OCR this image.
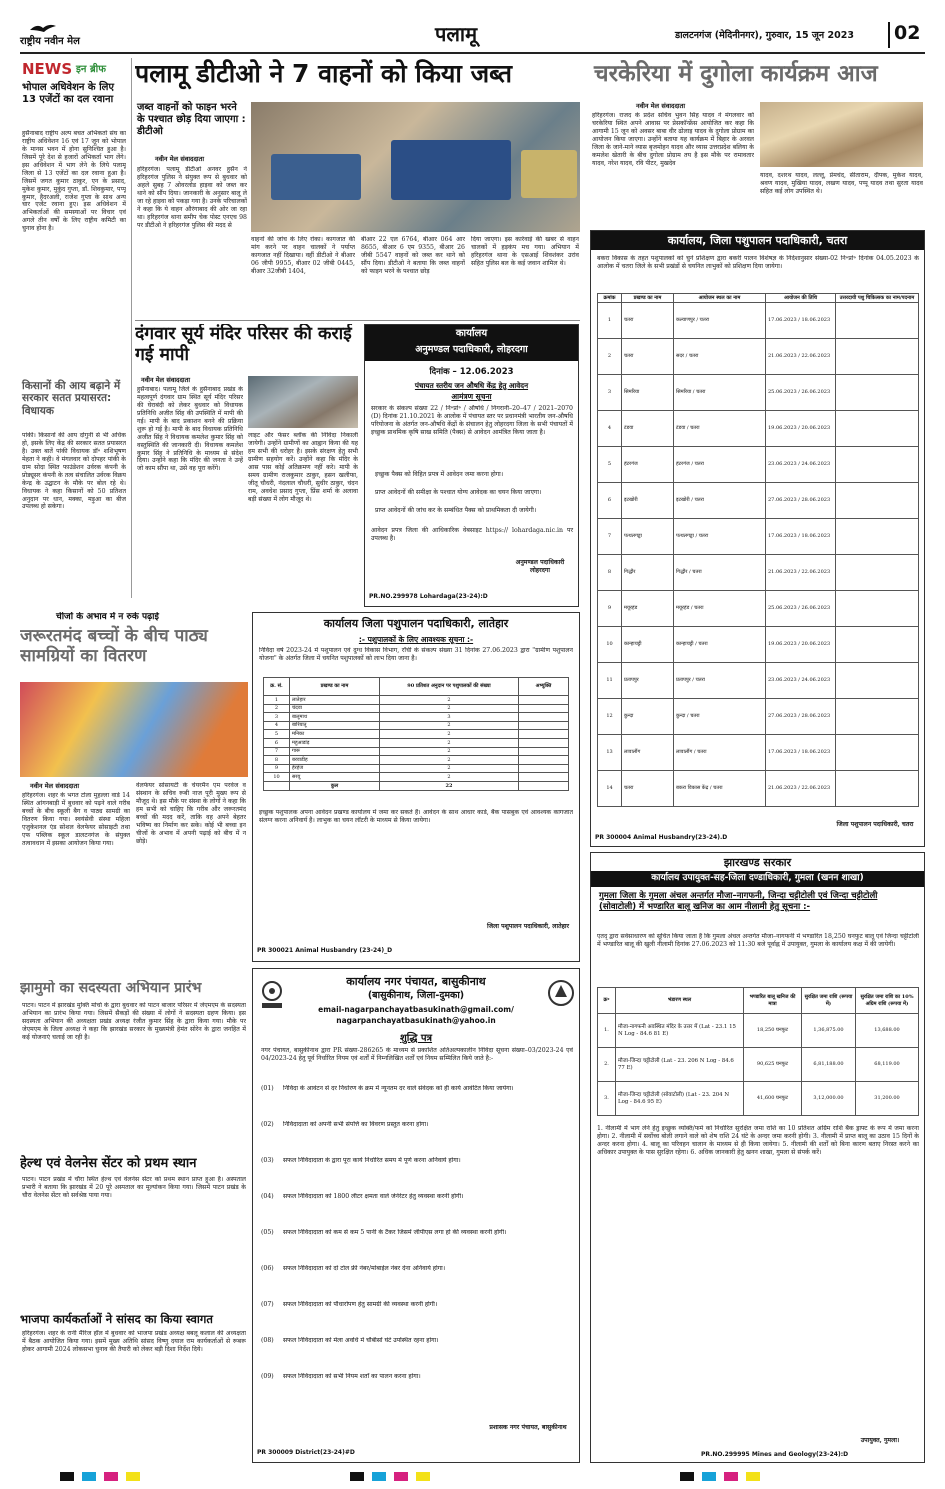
राष्ट्रीय नवीन मेल	पलामू	डालटनगंज (मेदिनीनगर), गुरुवार, 15 जून 2023 02
NEWS इन ब्रीफ
भोपाल अधिवेशन के लिए 13 एजेंटों का दल रवाना
हुसैनाबाद राष्ट्रीय अल्प बचत अभिकर्ता संघ का राष्ट्रीय अधिवेशन 16 एवं 17 जून को भोपाल के मानस भवन में होना सुनिश्चित हुआ है। जिसमें पूरे देश से हजारों अभिकर्ता भाग लेंगे। इस अधिवेशन में भाग लेने के लिये पलामू जिला से 13 एजेंटों का दल रवाना हुआ है। जिसमें जगत कुमार ठाकुर, एन के प्रसाद, मुकेश कुमार, मुकुंद गुप्ता, डॉ. शिवकुमार, पप्पू कुमार, हैदरअली, राजेश गुप्ता के साथ अन्य चार एजेंट रवाना हुए। इस अधिवेशन में अभिकर्ताओं की समस्याओं पर विचार एवं अगले तीन वर्षों के लिए राष्ट्रीय कमिटी का चुनाव होना है।
किसानों की आय बढ़ाने में सरकार सतत प्रयासरत: विधायक
पांकी। किसानों की आय दोगुनी से भी अधिक हो, इसके लिए केंद्र की सरकार सतत प्रयासरत है। उक्त बातें पांकी विधायक डॉ॰ शशिभूषण मेहता ने कही। वे मंगलवार को दोपहर पांकी के ग्राम सोदा स्थित फाउंडेशन उर्वरक कंपनी के प्रोड्यूसर कंपनी के तत्व संचालित उर्वरक विक्रय केन्द्र के उद्घाटन के मौके पर बोल रहे थे। विधायक ने कहा किसानों को 50 प्रतिशत अनुदान पर धान, मक्का, मड़ुआ का बीज उपलब्ध हो सकेगा।
पलामू डीटीओ ने 7 वाहनों को किया जब्त
जब्त वाहनों को फाइन भरने के पश्चात छोड़ दिया जाएगा : डीटीओ
नवीन मेल संवाददाता
हरिहरगंज। पलामू डीटीओ अनवर हुसैन ने हरिहरगंज पुलिस ने संयुक्त रूप से बुधवार को अहले सुबह 7 ओवरलोड हाइवा को जब्त कर थाने को सौंप दिया। जानकारी के अनुसार बालू ले जा रहे हाइवा को पकड़ा गया है। उनके परिचालकों ने कहा कि ये वाहन औरंगाबाद की ओर जा रहा था। हरिहरगंज थाना समीप चेक पोस्ट एनएच 98 पर डीटीओ ने हरिहरगंज पुलिस की मदद से
वाहनों की जांच के लिए रोका। कागजात की मांग करने पर वाहन चालकों ने पर्याप्त कागजात नहीं दिखाया। वहीं डीटीओ ने बीआर 06 जीपी 9955, बीआर 02 जीबी 0445, बीआर 32जीबी 1404,
बीआर 22 एल 6764, बीआर 064 आर 8655, बीआर 6 एम 9355, बीआर 26 जीबी 5547 वाहनों को जब्त कर थाने को सौंप दिया। डीटीओ ने बताया कि जब्त वाहनों को फाइन भरने के पश्चात छोड़
दिया जाएगा। इस कार्रवाई की खबर से वाहन चालकों में हड़कंप मच गया। अभियान में हरिहरगंज थाना के एसआई शिवशंकर उरांव सहित पुलिस बल के कई जवान शामिल थे।
चरकेरिया में दुगोला कार्यक्रम आज
नवीन मेल संवाददाता
हरिहरगंज। राजद के प्रदेश सचिव भुवन सिंह यादव ने मंगलवार को चरकेरिया स्थित अपने आवास पर प्रेसकॉन्फ्रेंस आयोजित कर कहा कि आगामी 15 जून को अवसर बाबा वीर ढोलाइ यादव के दुगोला प्रोग्राम का आयोजन किया जाएगा। उन्होंने बताया यह कार्यक्रम में बिहार के अरवल जिला के जाने-माने व्यास बृजमोहन यादव और व्यास उत्तरप्रदेश बलिया के कमलेश खेतारी के बीच दुगोला प्रोग्राम तय है इस मौके पर रामावतार यादव, नरेश यादव, रवि पीटर, मुखदेव
यादव, दशरथ यादव, लल्लू, प्रेमचंद, सीताराम, दीपक, मुकेश यादव, श्रवण यादव, मुखिया यादव, लखण यादव, पप्पू यादव तथा सुरता यादव सहित कई लोग उपस्थित थे।
दंगवार सूर्य मंदिर परिसर की कराई गई मापी
नवीन मेल संवाददाता
हुसैनाबाद। पलामू जिले के हुसैनाबाद प्रखंड के महत्वपूर्ण दंगवार ग्राम स्थित सूर्य मंदिर परिसर की घेराबंदी को लेकर बुधवार को विधायक प्रतिनिधि अजीत सिंह की उपस्थिति में मापी की गई। मापी के बाद प्रकाशन बनने की प्रक्रिया शुरू हो गई है। मापी के बाद विधायक प्रतिनिधि अजीत सिंह ने विधायक कमलेश कुमार सिंह को वस्तुस्थिति की जानकारी दी। विधायक कमलेश कुमार सिंह ने प्रतिनिधि के माध्यम से संदेश दिया। उन्होंने कहा कि मंदिर की जनता ने उन्हें जो काम सौंपा था, उसे वह पूरा करेंगे।
लाइट और फेंसर ब्लॉक की निविदा निकाली जायेगी। उन्होंने ग्रामीणों का आह्वान किया की यह हम सभी की धरोहर है। इसके संरक्षण हेतु सभी ग्रामीण सहयोग करें। उन्होंने कहा कि मंदिर के आस पास कोई अतिक्रमण नहीं करे। मापी के समय ग्रामीण राजकुमार ठाकुर, हसन खलीफा, जीतू चौधरी, नंदलाल चौधरी, सुधीर ठाकुर, चंदन राम, अवधेश प्रसाद गुप्ता, प्रिंस शर्मा के अलावा बड़ी संख्या में लोग मौजूद थे।
कार्यालय
अनुमण्डल पदाधिकारी, लोहरदगा
दिनांक – 12.06.2023
पंचायत स्तरीय जन औषधि केंद्र हेतु आवेदन
आमंत्रण सूचना
सरकार के संकल्प संख्या 22 / नि॰प्रो॰ / औषधि / निगरानी–20–47 / 2021–2070 (D) दिनांक 21.10.2021 के आलोक में पंचायत स्तर पर प्रधानमंत्री भारतीय जन-औषधि परियोजना के अंतर्गत जन-औषधि केंद्रों के संचालन हेतु लोहरदगा जिला के सभी पंचायतों में इच्छुक प्राथमिक कृषि साख समिति (पैक्स) से आवेदन आमंत्रित किया जाता है।
इच्छुक पैक्स को विहित प्रपत्र में आवेदन जमा करना होगा।
प्राप्त आवेदनों की समीक्षा के पश्चात योग्य आवेदक का चयन किया जाएगा।
प्राप्त आवेदनों की जांच कर के सम्बंधित पैक्स को प्राथमिकता दी जायेगी।
आवेदन प्रपत्र जिला की आधिकारिक वेबसाइट https:// lohardaga.nic.in पर उपलब्ध है।
अनुमण्डल पदाधिकारी लोहरदगा
PR.NO.299978 Lohardaga(23-24):D
चीजों के अभाव में न रुके पढ़ाई
जरूरतमंद बच्चों के बीच पाठ्य सामग्रियों का वितरण
नवीन मेल संवाददाता
हरिहरगंज। शहर के भगत टोला मुहल्ला वार्ड 14 स्थित आंगनबाड़ी में बुधवार को पढ़ने वाले गरीब बच्चों के बीच स्कूली बैग व पाठ्य सामग्री का वितरण किया गया। स्वयंसेवी संस्था महिला एजुकेशनल एंड सोशल वेलफेयर सोसाइटी तथा एफ पब्लिक स्कूल डालटनगंज के संयुक्त तत्वावधान में इसका आयोजन किया गया।
वेलफेयर सोसायटी के चेयरमैन एम परवेज व संस्थान के सचिव रूबी नाज पूरी मुख्य रूप से मौजूद थे। इस मौके पर संस्था के लोगों ने कहा कि हम सभी को चाहिए कि गरीब और जरूरतमंद बच्चों की मदद करें, ताकि वह अपने बेहतर भविष्य का निर्माण कर सके। कोई भी बच्चा इन चीजों के अभाव में अपनी पढ़ाई को बीच में न छोड़े।
कार्यालय जिला पशुपालन पदाधिकारी, लातेहार
:- पशुपालकों के लिए आवश्यक सूचना :-
निविदा वर्ष 2023-24 में पशुपालन एवं दुग्ध विकास विभाग, राँची के संकल्प संख्या 31 दिनांक 27.06.2023 द्वारा "ग्रामीण पशुपालन योजना" के अंतर्गत जिला में चयनित पशुपालकों को लाभ दिया जाना है।
क्र. सं.	प्रखण्ड का नाम	90 प्रतिशत अनुदान पर पशुपालकों की संख्या	अभ्युक्ति
1	लातेहार	2	
2	चंदवा	2	
3	बालूमाथ	3	
4	बारियातू	2	
5	मनिका	2	
6	महुआडांड़	2	
7	गारू	2	
8	बरवाडीह	2	
9	हेरहंज	2	
10	सरयू	2	
	कुल	22	
इच्छुक पशुपालक अपना आवेदन प्रखण्ड कार्यालय में जमा कर सकते हैं। आवेदन के साथ आधार कार्ड, बैंक पासबुक एवं आवश्यक कागजात संलग्न करना अनिवार्य है। लाभुक का चयन लॉटरी के माध्यम से किया जायेगा।
जिला पशुपालन पदाधिकारी, लातेहार
PR 300021 Animal Husbandry (23-24)_D
झामुमो का सदस्यता अभियान प्रारंभ
पाटन। पाटन में झारखंड मुक्ति मोर्चा के द्वारा बुधवार को पाटन बाजार परिसर में जेएमएम के सदस्यता अभियान का प्रारंभ किया गया। जिसमें सैकड़ों की संख्या में लोगों ने सदस्यता ग्रहण किया। इस सदस्यता अभियान की अध्यक्षता प्रखंड अध्यक्ष रंजीत कुमार सिंह के द्वारा किया गया। मौके पर जेएमएम के जिला अध्यक्ष ने कहा कि झारखंड सरकार के मुख्यमंत्री हेमंत सोरेन के द्वारा जनहित में कई योजनाएं चलाई जा रही है।
हेल्थ एवं वेलनेस सेंटर को प्रथम स्थान
पाटन। पाटन प्रखंड में चौरा स्थित हेल्थ एवं वेलनेस सेंटर को प्रथम स्थान प्राप्त हुआ है। अस्पताल प्रभारी ने बताया कि झारखंड में 20 पूरे अस्पताल का मूल्यांकन किया गया। जिसमें पाटन प्रखंड के चौरा वेलनेस सेंटर को सर्वश्रेष्ठ पाया गया।
भाजपा कार्यकर्ताओं ने सांसद का किया स्वागत
हरिहरगंज। शहर के रानी मैरिज हॉल में बुधवार को भाजपा प्रखंड अध्यक्ष बबलू कलाल की अध्यक्षता में बैठक आयोजित किया गया। इसमें मुख्य अतिथि सांसद विष्णु दयाल राम कार्यकर्ताओं से रूबरू होकर आगामी 2024 लोकसभा चुनाव की तैयारी को लेकर बड़ी दिशा निर्देश दिये।
कार्यालय नगर पंचायत, बासुकीनाथ
(बासुकीनाथ, जिला-दुमका)
email-nagarpanchayatbasukinath@gmail.com/
nagarpanchayatbasukinath@yahoo.in
शुद्धि पत्र
नगर पंचायत, बासुकीनाथ द्वारा PR संख्या-286265 के माध्यम से प्रकाशित अतिअल्पकालीन निविदा सूचना संख्या–03/2023-24 एवं 04/2023-24 हेतु पूर्व निर्धारित नियम एवं शर्तों में निम्नलिखित शर्तों एवं नियम सम्मिलित किये जाते है:-
(01) निविदा के आवंटन से दर निर्धारण के क्रम में न्यूनतम दर वाले संवेदक को ही कार्य आवंटित किया जायेगा।
(02) निविदादाता को अपनी सभी संपत्ति का विवरण प्रस्तुत करना होगा।
(03) सफल निविदादाता के द्वारा पूरा कार्य निर्धारित समय में पूर्ण करना अनिवार्य होगा।
(04) सफल निविदादाता को 1800 लीटर क्षमता वाले जेनेरेटर हेतु व्यवस्था करनी होगी।
(05) सफल निविदादाता को कम से कम 5 पानी के टैंकर जिसमें जीपीएस लगा हो की व्यवस्था करनी होगी।
(06) सफल निविदादाता को दो टोल फ्री नंबर/मोबाईल नंबर देना अनिवार्य होगा।
(07) सफल निविदादाता को पौधारोपण हेतु सामग्री की व्यवस्था करनी होगी।
(08) सफल निविदादाता को मेला अवधि में चौबीसों घंटे उपस्थित रहना होगा।
(09) सफल निविदादाता को सभी नियम शर्तों का पालन करना होगा।
प्रशासक नगर पंचायत, बासुकीनाथ
PR 300009 District(23-24)#D
कार्यालय, जिला पशुपालन पदाधिकारी, चतरा
बकरा विकास के तहत पशुपालकों को चुने प्रशिक्षण द्वारा बकरी पालन विशेषज्ञ के निर्देशानुसार संख्या-02 नि॰प्रो॰ दिनांक 04.05.2023 के आलोक में चतरा जिले के सभी प्रखंडों से चयनित लाभुकों को प्रशिक्षण दिया जायेगा।
क्रमांक	प्रखण्ड का नाम	आयोजन स्थल का नाम	आयोजन की तिथि	उत्तरदायी पशु चिकित्सक का नाम/पदनाम
1	चतरा	कल्याणपुर / चतरा	17.06.2023 / 18.06.2023	
2	चतरा	सदर / चतरा	21.06.2023 / 22.06.2023	
3	सिमरिया	सिमरिया / चतरा	25.06.2023 / 26.06.2023	
4	टंडवा	टंडवा / चतरा	19.06.2023 / 20.06.2023	
5	हंटरगंज	हंटरगंज / चतरा	23.06.2023 / 24.06.2023	
6	इटखोरी	इटखोरी / चतरा	27.06.2023 / 28.06.2023	
7	पत्थलगड्डा	पत्थलगड्डा / चतरा	17.06.2023 / 18.06.2023	
8	गिद्धौर	गिद्धौर / चतरा	21.06.2023 / 22.06.2023	
9	मयूरहंड	मयूरहंड / चतरा	25.06.2023 / 26.06.2023	
10	कान्हाचट्टी	कान्हाचट्टी / चतरा	19.06.2023 / 20.06.2023	
11	प्रतापपुर	प्रतापपुर / चतरा	23.06.2023 / 24.06.2023	
12	कुन्दा	कुन्दा / चतरा	27.06.2023 / 28.06.2023	
13	लावालौंग	लावालौंग / चतरा	17.06.2023 / 18.06.2023	
14	चतरा	बकरा विकास केंद्र / चतरा	21.06.2023 / 22.06.2023	
जिला पशुपालन पदाधिकारी, चतरा
PR 300004 Animal Husbandry(23-24).D
झारखण्ड सरकार
कार्यालय उपायुक्त-सह-जिला दण्डाधिकारी, गुमला (खनन शाखा)
गुमला जिला के गुमला अंचल अन्तर्गत मौजा–नागफनी, जिन्दा चट्टीटोली एवं जिन्दा चट्टीटोली (सोवाटोली) में भण्डारित बालू खनिज का आम नीलामी हेतु सूचना :-
एतद् द्वारा सर्वसाधारण को सूचित किया जाता है कि गुमला अंचल अन्तर्गत मौजा–नागफनी में भण्डारित 18,250 घनफुट बालू एवं जिन्दा चट्टीटोली में भण्डारित बालू की खुली नीलामी दिनांक 27.06.2023 को 11:30 बजे पूर्वाह्न में उपायुक्त, गुमला के कार्यालय कक्ष में की जायेगी।
क्र॰	भंडारण स्थल	भण्डारित बालू खनिज की मात्रा	सुरक्षित जमा राशि (रूपया में)	सुरक्षित जमा राशि का 10% अग्रिम राशि (रूपया में)
1.	मौजा-नागफनी अवस्थित मंदिर के उत्तर में (Lat - 23.1 15 N Log - 84.6 81 E)	18,250 घनफुट	1,36,875.00	13,688.00
2.	मौजा-जिन्दा चट्टीटोली (Lat - 23. 206 N Log - 84.6 77 E)	90,625 घनफुट	6,81,188.00	68,119.00
3.	मौजा-जिन्दा चट्टीटोली (सोवाटोली) (Lat - 23. 204 N Log - 84.6 95 E)	41,600 घनफुट	3,12,000.00	31,200.00
1. नीलामी में भाग लेने हेतु इच्छुक व्यक्ति/फर्म को निर्धारित सुरक्षित जमा राशि का 10 प्रतिशत अग्रिम राशि बैंक ड्राफ्ट के रूप में जमा करना होगा। 2. नीलामी में सर्वोच्च बोली लगाने वाले को शेष राशि 24 घंटे के अन्दर जमा करनी होगी। 3. नीलामी में प्राप्त बालू का उठाव 15 दिनों के अन्दर करना होगा। 4. बालू का परिवहन चालान के माध्यम से ही किया जायेगा। 5. नीलामी की शर्तों को बिना कारण बताए निरस्त करने का अधिकार उपायुक्त के पास सुरक्षित रहेगा। 6. अधिक जानकारी हेतु खनन शाखा, गुमला से संपर्क करें।
उपायुक्त, गुमला।
PR.NO.299995 Mines and Geology(23-24):D
